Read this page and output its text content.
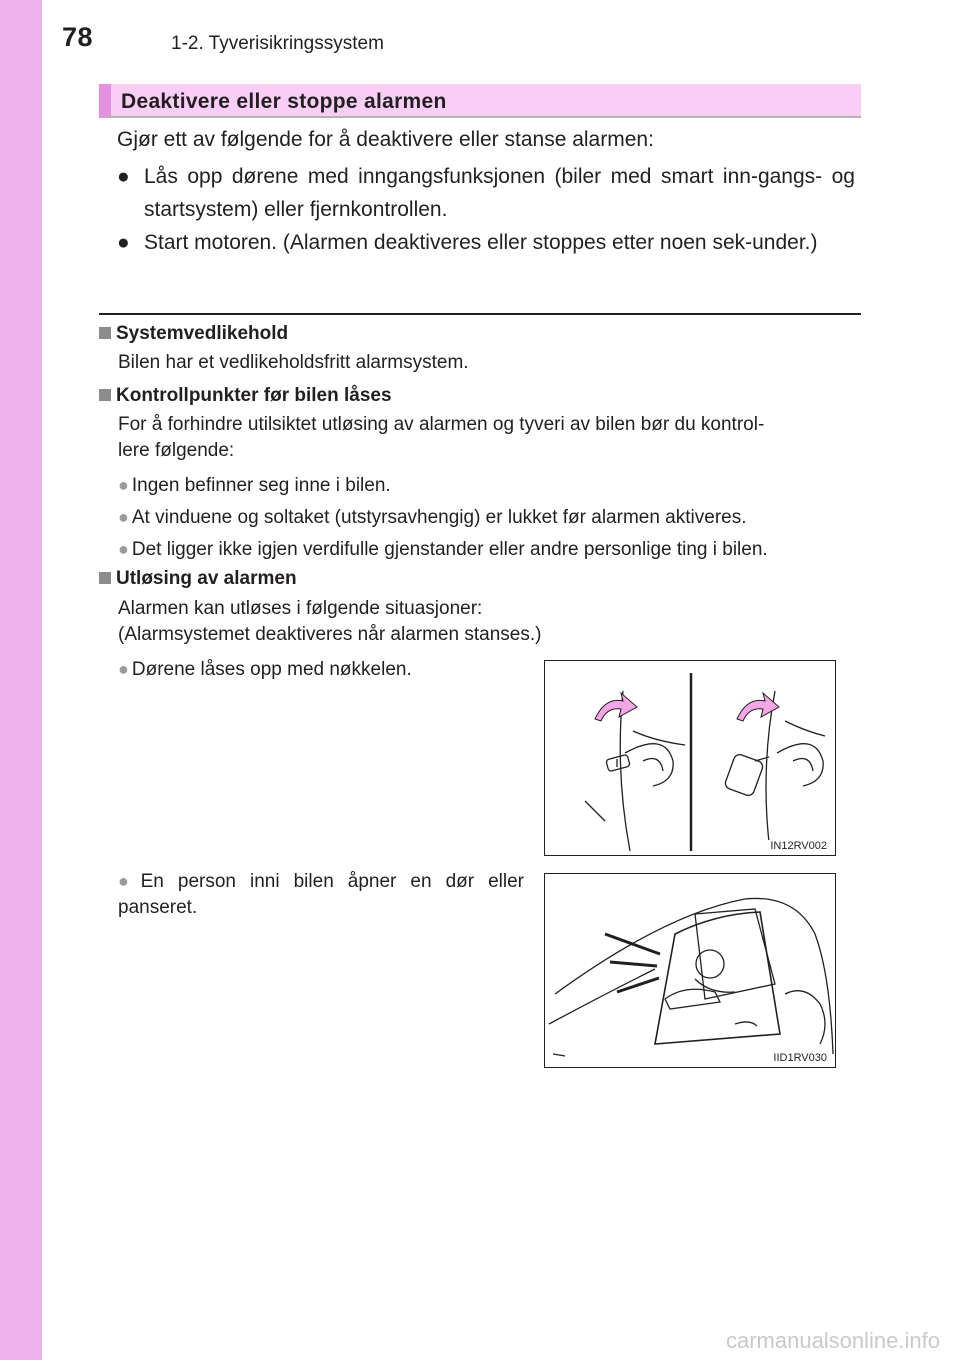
78	1-2. Tyverisikringssystem
Deaktivere eller stoppe alarmen
Gjør ett av følgende for å deaktivere eller stanse alarmen:
● Lås opp dørene med inngangsfunksjonen (biler med smart inn-gangs- og startsystem) eller fjernkontrollen.
● Start motoren. (Alarmen deaktiveres eller stoppes etter noen sek-under.)
Systemvedlikehold
Bilen har et vedlikeholdsfritt alarmsystem.
Kontrollpunkter før bilen låses
For å forhindre utilsiktet utløsing av alarmen og tyveri av bilen bør du kontrol-
lere følgende:
● Ingen befinner seg inne i bilen.
● At vinduene og soltaket (utstyrsavhengig) er lukket før alarmen aktiveres.
● Det ligger ikke igjen verdifulle gjenstander eller andre personlige ting i bilen.
Utløsing av alarmen
Alarmen kan utløses i følgende situasjoner:
(Alarmsystemet deaktiveres når alarmen stanses.)
● Dørene låses opp med nøkkelen.
IN12RV002
● En person inni bilen åpner en dør eller panseret.
IID1RV030
carmanualsonline.info
